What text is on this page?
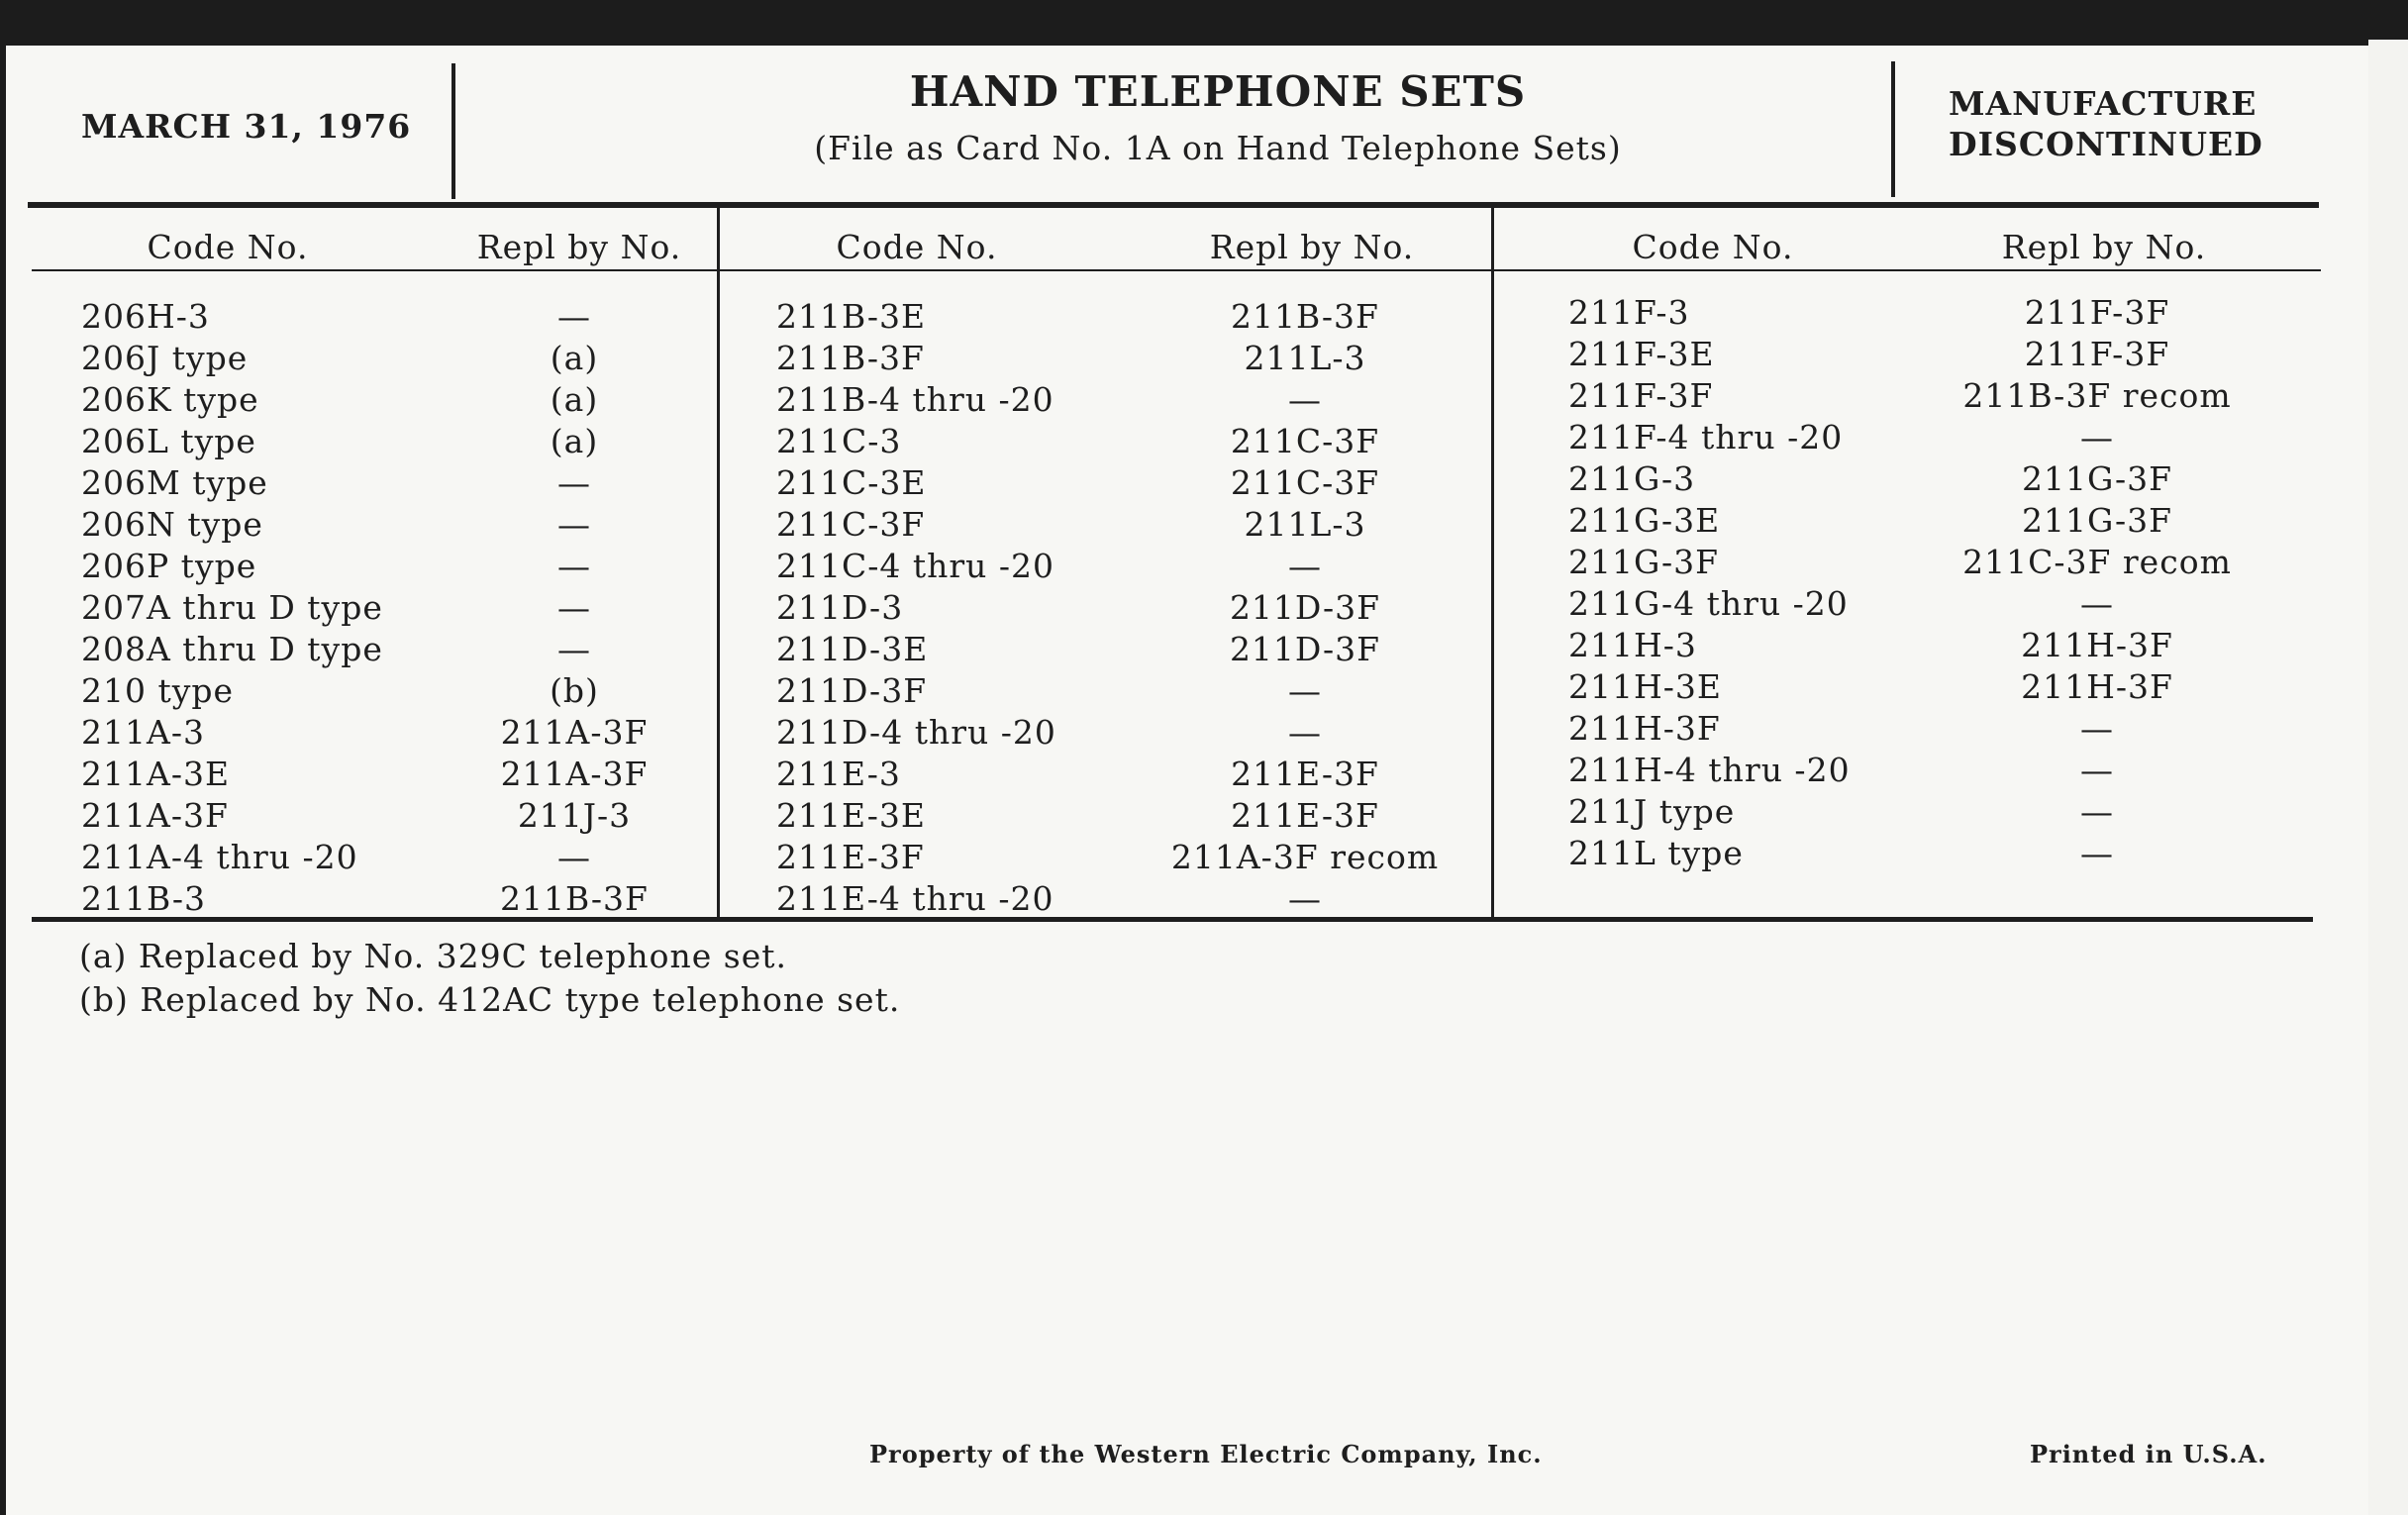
MARCH 31, 1976
HAND TELEPHONE SETS
(File as Card No. 1A on Hand Telephone Sets)
MANUFACTURE
DISCONTINUED
Code No.	Repl by No.	Code No.	Repl by No.	Code No.	Repl by No.
206H-3	—
206J type	(a)
206K type	(a)
206L type	(a)
206M type	—
206N type	—
206P type	—
207A thru D type	—
208A thru D type	—
210 type	(b)
211A-3	211A-3F
211A-3E	211A-3F
211A-3F	211J-3
211A-4 thru -20	—
211B-3	211B-3F
211B-3E	211B-3F
211B-3F	211L-3
211B-4 thru -20	—
211C-3	211C-3F
211C-3E	211C-3F
211C-3F	211L-3
211C-4 thru -20	—
211D-3	211D-3F
211D-3E	211D-3F
211D-3F	—
211D-4 thru -20	—
211E-3	211E-3F
211E-3E	211E-3F
211E-3F	211A-3F recom
211E-4 thru -20	—
211F-3	211F-3F
211F-3E	211F-3F
211F-3F	211B-3F recom
211F-4 thru -20	—
211G-3	211G-3F
211G-3E	211G-3F
211G-3F	211C-3F recom
211G-4 thru -20	—
211H-3	211H-3F
211H-3E	211H-3F
211H-3F	—
211H-4 thru -20	—
211J type	—
211L type	—
(a) Replaced by No. 329C telephone set.
(b) Replaced by No. 412AC type telephone set.
Property of the Western Electric Company, Inc.	Printed in U.S.A.
